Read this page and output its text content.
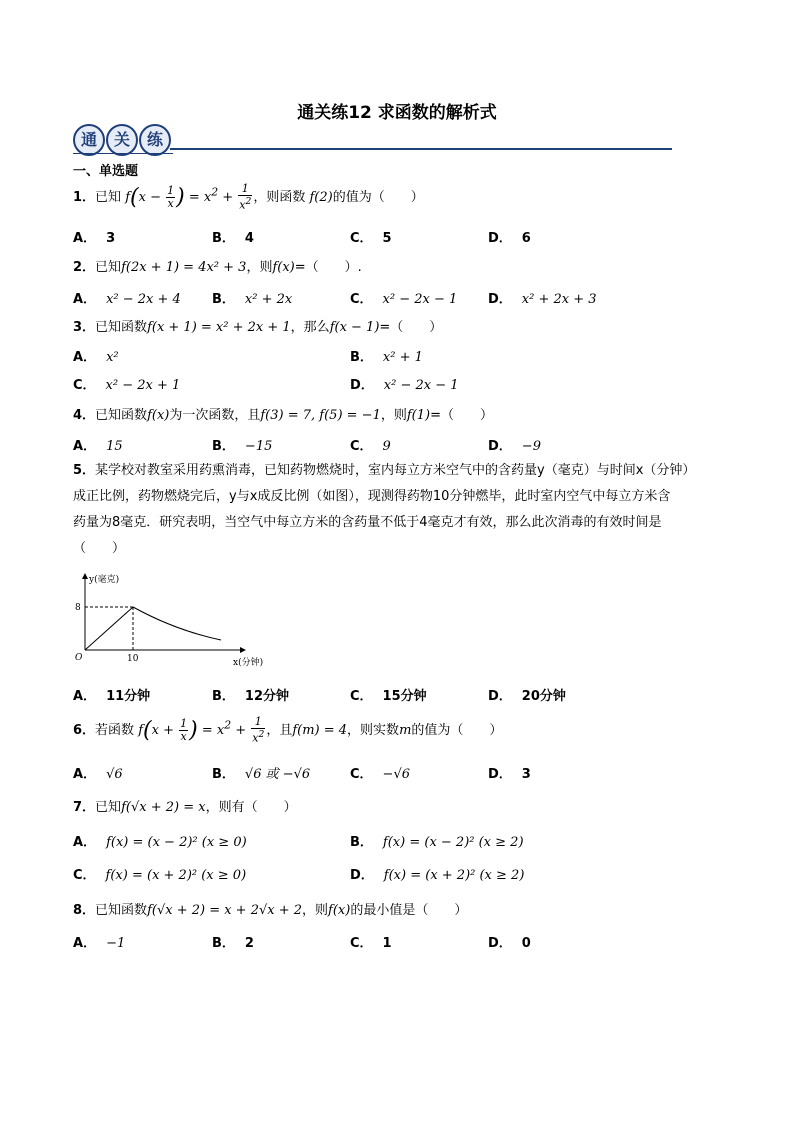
通关练12 求函数的解析式
通	关	练
一、单选题
1．已知 $f(x - \frac{1}{x}$ ) = $x^2 + \frac{1}{x^2}$ ，则函数 f(2)的值为（　　）
A． 3	B． 4	C． 5	D． 6
2．已知f(2x + 1) = 4x² + 3，则f(x)=（　　）.
A． x² − 2x + 4 B． x² + 2x	C． x² − 2x − 1 D． x² + 2x + 3
3．已知函数f(x + 1) = x² + 2x + 1，那么f(x − 1)=（　　）
A． x²	B． x² + 1
C． x² − 2x + 1	D． x² − 2x − 1
4．已知函数f(x)为一次函数，且f(3) = 7, f(5) = −1，则f(1)=（　　）
A． 15	B． −15	C． 9	D． −9
5．某学校对教室采用药熏消毒，已知药物燃烧时，室内每立方米空气中的含药量y（毫克）与时间x（分钟）
成正比例，药物燃烧完后，y与x成反比例（如图），现测得药物10分钟燃毕，此时室内空气中每立方米含
药量为8毫克．研究表明，当空气中每立方米的含药量不低于4毫克才有效，那么此次消毒的有效时间是
（　　）
y(毫克)
x(分钟)
O
8
10
A． 11分钟	B． 12分钟	C． 15分钟	D． 20分钟
6．若函数 $f(x + \frac{1}{x}$ ) = $x^2 + \frac{1}{x^2}$ ，且f(m) = 4，则实数m的值为（　　）
A． √6	B． √6 或 −√6	C． −√6	D． 3
7．已知f(√x + 2) = x，则有（　　）
A． f(x) = (x − 2)² (x ≥ 0)	B． f(x) = (x − 2)² (x ≥ 2)
C． f(x) = (x + 2)² (x ≥ 0)	D． f(x) = (x + 2)² (x ≥ 2)
8．已知函数f(√x + 2) = x + 2√x + 2，则f(x)的最小值是（　　）
A． −1	B． 2	C． 1	D． 0
